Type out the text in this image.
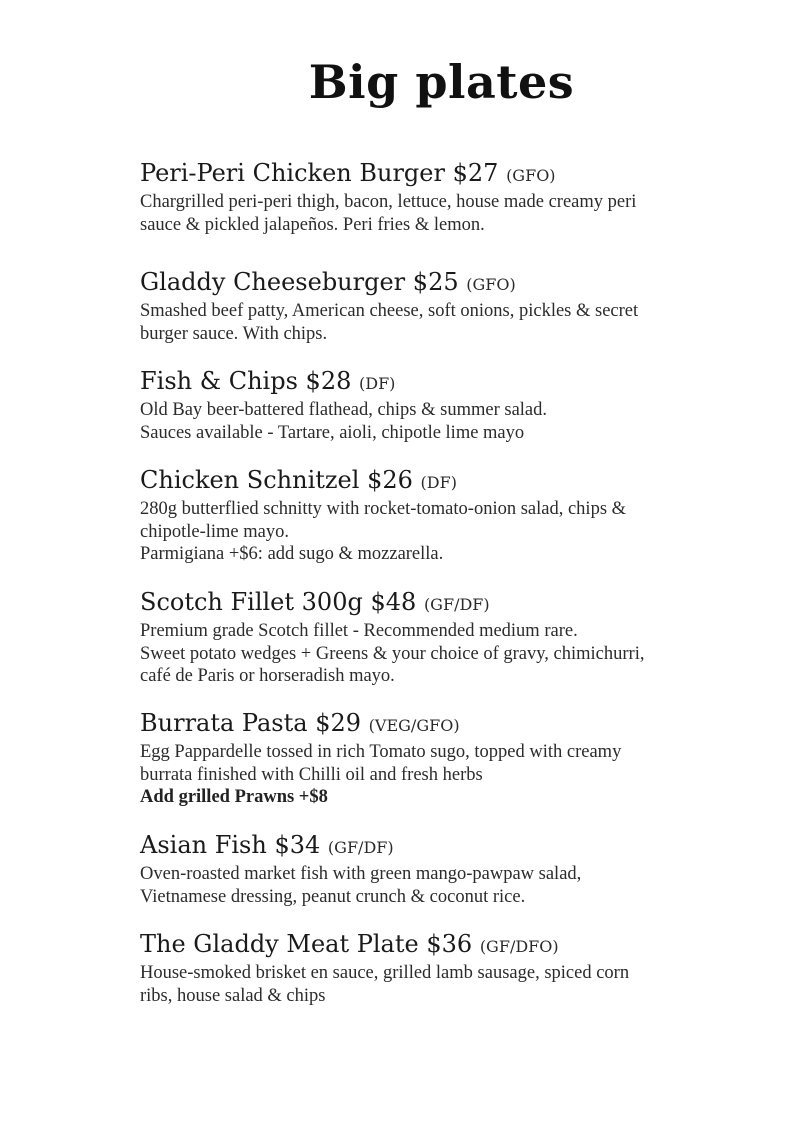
Big plates
Peri-Peri Chicken Burger $27 (GFO)
Chargrilled peri-peri thigh, bacon, lettuce, house made creamy peri
sauce & pickled jalapeños. Peri fries & lemon.
Gladdy Cheeseburger $25 (GFO)
Smashed beef patty, American cheese, soft onions, pickles & secret
burger sauce. With chips.
Fish & Chips $28 (DF)
Old Bay beer-battered flathead, chips & summer salad.
Sauces available - Tartare, aioli, chipotle lime mayo
Chicken Schnitzel $26 (DF)
280g butterflied schnitty with rocket-tomato-onion salad, chips &
chipotle-lime mayo.
Parmigiana +$6: add sugo & mozzarella.
Scotch Fillet 300g $48 (GF/DF)
Premium grade Scotch fillet - Recommended medium rare.
Sweet potato wedges + Greens & your choice of gravy, chimichurri,
café de Paris or horseradish mayo.
Burrata Pasta $29 (VEG/GFO)
Egg Pappardelle tossed in rich Tomato sugo, topped with creamy
burrata finished with Chilli oil and fresh herbs
Add grilled Prawns +$8
Asian Fish $34 (GF/DF)
Oven-roasted market fish with green mango-pawpaw salad,
Vietnamese dressing, peanut crunch & coconut rice.
The Gladdy Meat Plate $36 (GF/DFO)
House-smoked brisket en sauce, grilled lamb sausage, spiced corn
ribs, house salad & chips
